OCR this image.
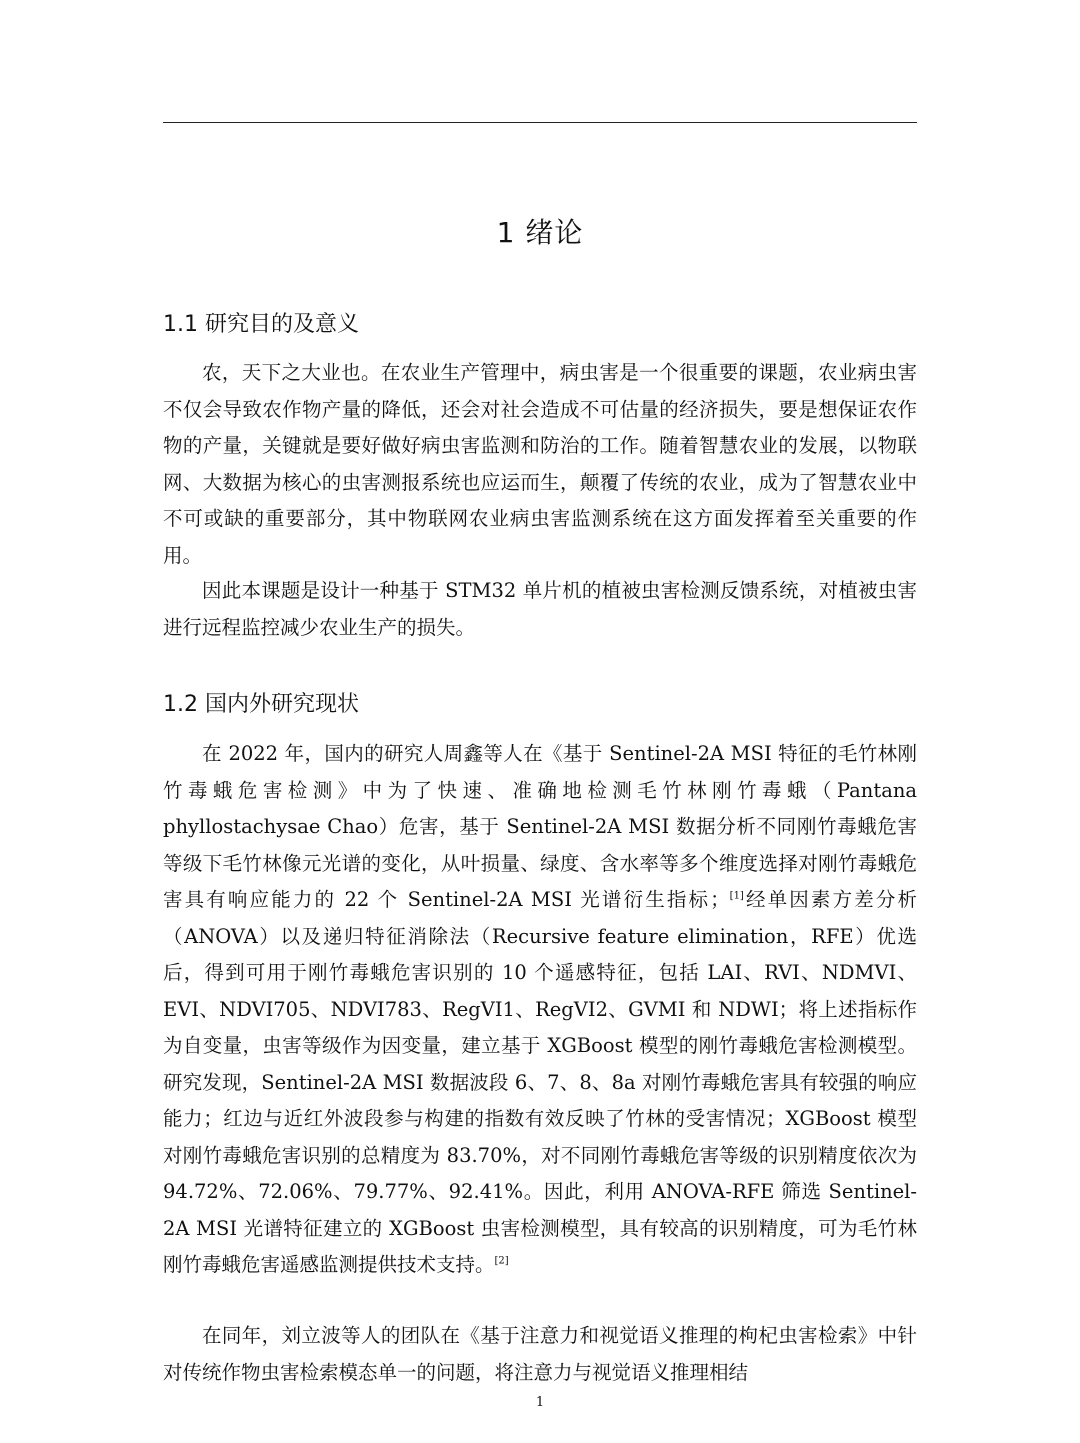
1 绪论
1.1 研究目的及意义

农，天下之大业也。在农业生产管理中，病虫害是一个很重要的课题，农业病虫害不仅会导致农作物产量的降低，还会对社会造成不可估量的经济损失，要是想保证农作物的产量，关键就是要好做好病虫害监测和防治的工作。随着智慧农业的发展，以物联网、大数据为核心的虫害测报系统也应运而生，颠覆了传统的农业，成为了智慧农业中不可或缺的重要部分，其中物联网农业病虫害监测系统在这方面发挥着至关重要的作用。

因此本课题是设计一种基于 STM32 单片机的植被虫害检测反馈系统，对植被虫害进行远程监控减少农业生产的损失。

1.2 国内外研究现状

在 2022 年，国内的研究人周鑫等人在《基于 Sentinel-2A MSI 特征的毛竹林刚竹毒蛾危害检测》中为了快速、准确地检测毛竹林刚竹毒蛾（Pantana phyllostachysae Chao）危害，基于 Sentinel-2A MSI 数据分析不同刚竹毒蛾危害等级下毛竹林像元光谱的变化，从叶损量、绿度、含水率等多个维度选择对刚竹毒蛾危害具有响应能力的 22 个 Sentinel-2A MSI 光谱衍生指标；[1]经单因素方差分析（ANOVA）以及递归特征消除法（Recursive feature elimination，RFE）优选后，得到可用于刚竹毒蛾危害识别的 10 个遥感特征，包括 LAI、RVI、NDMVI、EVI、NDVI705、NDVI783、RegVI1、RegVI2、GVMI 和 NDWI；将上述指标作为自变量，虫害等级作为因变量，建立基于 XGBoost 模型的刚竹毒蛾危害检测模型。研究发现，Sentinel-2A MSI 数据波段 6、7、8、8a 对刚竹毒蛾危害具有较强的响应能力；红边与近红外波段参与构建的指数有效反映了竹林的受害情况；XGBoost 模型对刚竹毒蛾危害识别的总精度为 83.70%，对不同刚竹毒蛾危害等级的识别精度依次为 94.72%、72.06%、79.77%、92.41%。因此，利用 ANOVA-RFE 筛选 Sentinel-2A MSI 光谱特征建立的 XGBoost 虫害检测模型，具有较高的识别精度，可为毛竹林刚竹毒蛾危害遥感监测提供技术支持。[2]

在同年，刘立波等人的团队在《基于注意力和视觉语义推理的枸杞虫害检索》中针对传统作物虫害检索模态单一的问题，将注意力与视觉语义推理相结

1
